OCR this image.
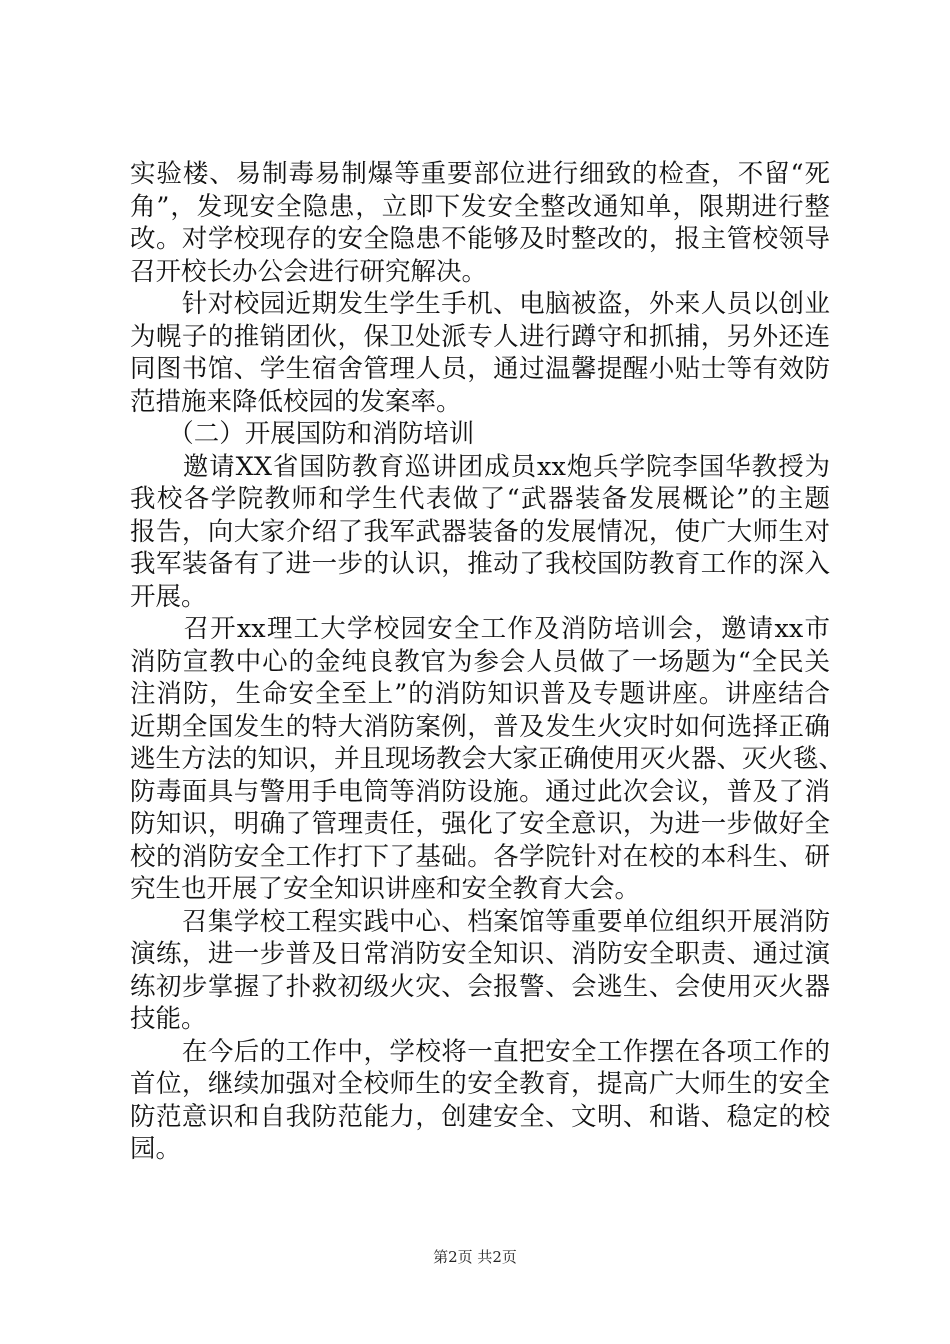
实验楼、易制毒易制爆等重要部位进行细致的检查，不留“死
角”，发现安全隐患，立即下发安全整改通知单，限期进行整
改。对学校现存的安全隐患不能够及时整改的，报主管校领导
召开校长办公会进行研究解决。
　　针对校园近期发生学生手机、电脑被盗，外来人员以创业
为幌子的推销团伙，保卫处派专人进行蹲守和抓捕，另外还连
同图书馆、学生宿舍管理人员，通过温馨提醒小贴士等有效防
范措施来降低校园的发案率。
　　（二）开展国防和消防培训
　　邀请XX省国防教育巡讲团成员xx炮兵学院李国华教授为
我校各学院教师和学生代表做了“武器装备发展概论”的主题
报告，向大家介绍了我军武器装备的发展情况，使广大师生对
我军装备有了进一步的认识，推动了我校国防教育工作的深入
开展。
　　召开xx理工大学校园安全工作及消防培训会，邀请xx市
消防宣教中心的金纯良教官为参会人员做了一场题为“全民关
注消防，生命安全至上”的消防知识普及专题讲座。讲座结合
近期全国发生的特大消防案例，普及发生火灾时如何选择正确
逃生方法的知识，并且现场教会大家正确使用灭火器、灭火毯、
防毒面具与警用手电筒等消防设施。通过此次会议，普及了消
防知识，明确了管理责任，强化了安全意识，为进一步做好全
校的消防安全工作打下了基础。各学院针对在校的本科生、研
究生也开展了安全知识讲座和安全教育大会。
　　召集学校工程实践中心、档案馆等重要单位组织开展消防
演练，进一步普及日常消防安全知识、消防安全职责、通过演
练初步掌握了扑救初级火灾、会报警、会逃生、会使用灭火器
技能。
　　在今后的工作中，学校将一直把安全工作摆在各项工作的
首位，继续加强对全校师生的安全教育，提高广大师生的安全
防范意识和自我防范能力，创建安全、文明、和谐、稳定的校
园。
第2页 共2页
